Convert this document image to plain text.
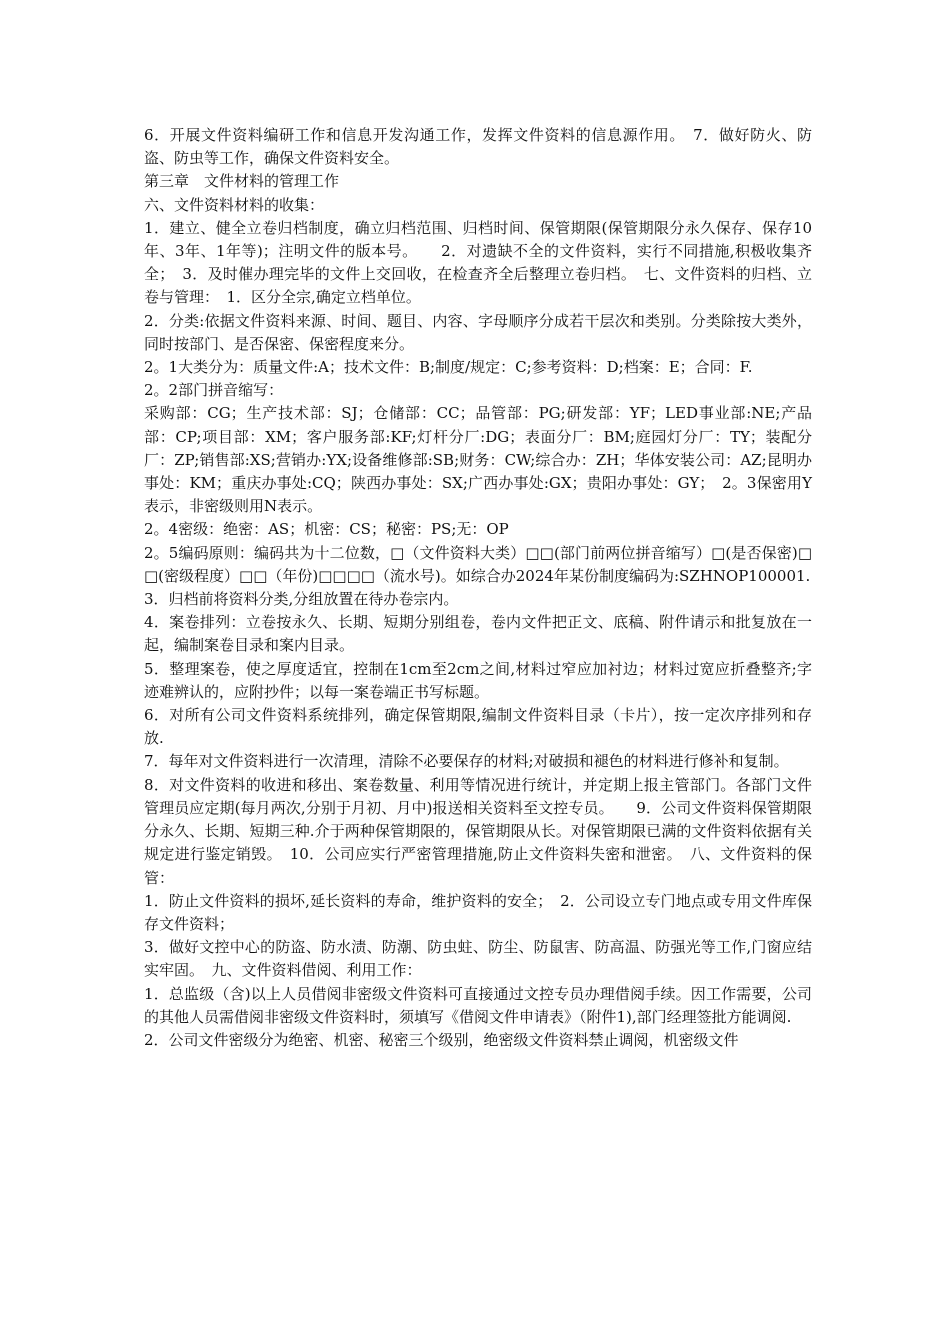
6．开展文件资料编研工作和信息开发沟通工作，发挥文件资料的信息源作用。　7．做好防火、防盗、防虫等工作，确保文件资料安全。

第三章　文件材料的管理工作

六、文件资料材料的收集：

1．建立、健全立卷归档制度，确立归档范围、归档时间、保管期限(保管期限分永久保存、保存10年、3年、1年等)；注明文件的版本号。　　2．对遗缺不全的文件资料，实行不同措施,积极收集齐全；　3．及时催办理完毕的文件上交回收，在检查齐全后整理立卷归档。　七、文件资料的归档、立卷与管理：　1．区分全宗,确定立档单位。

2．分类:依据文件资料来源、时间、题目、内容、字母顺序分成若干层次和类别。分类除按大类外，同时按部门、是否保密、保密程度来分。

2。1大类分为：质量文件:A；技术文件：B;制度/规定：C;参考资料：D;档案：E；合同：F.

2。2部门拼音缩写：

采购部：CG；生产技术部：SJ；仓储部：CC；品管部：PG;研发部：YF；LED事业部:NE;产品部：CP;项目部：XM；客户服务部:KF;灯杆分厂:DG；表面分厂：BM;庭园灯分厂：TY；装配分厂：ZP;销售部:XS;营销办:YX;设备维修部:SB;财务：CW;综合办：ZH；华体安装公司：AZ;昆明办事处：KM；重庆办事处:CQ；陕西办事处：SX;广西办事处:GX；贵阳办事处：GY；　2。3保密用Y表示，非密级则用N表示。

2。4密级：绝密：AS；机密：CS；秘密：PS;无：OP

2。5编码原则：编码共为十二位数，□（文件资料大类）□□(部门前两位拼音缩写）□(是否保密)□□(密级程度）□□（年份)□□□□（流水号)。如综合办2024年某份制度编码为:SZHNOP100001.

3．归档前将资料分类,分组放置在待办卷宗内。

4．案卷排列：立卷按永久、长期、短期分别组卷，卷内文件把正文、底稿、附件请示和批复放在一起，编制案卷目录和案内目录。

5．整理案卷，使之厚度适宜，控制在1cm至2cm之间,材料过窄应加衬边；材料过宽应折叠整齐;字迹难辨认的，应附抄件；以每一案卷端正书写标题。

6．对所有公司文件资料系统排列，确定保管期限,编制文件资料目录（卡片），按一定次序排列和存放.

7．每年对文件资料进行一次清理，清除不必要保存的材料;对破损和褪色的材料进行修补和复制。

8．对文件资料的收进和移出、案卷数量、利用等情况进行统计，并定期上报主管部门。各部门文件管理员应定期(每月两次,分别于月初、月中)报送相关资料至文控专员。　　9．公司文件资料保管期限分永久、长期、短期三种.介于两种保管期限的，保管期限从长。对保管期限已满的文件资料依据有关规定进行鉴定销毁。　10．公司应实行严密管理措施,防止文件资料失密和泄密。　八、文件资料的保管：

1．防止文件资料的损坏,延长资料的寿命，维护资料的安全；　2．公司设立专门地点或专用文件库保存文件资料；

3．做好文控中心的防盗、防水渍、防潮、防虫蛀、防尘、防鼠害、防高温、防强光等工作,门窗应结实牢固。　九、文件资料借阅、利用工作：

1．总监级（含)以上人员借阅非密级文件资料可直接通过文控专员办理借阅手续。因工作需要，公司的其他人员需借阅非密级文件资料时，须填写《借阅文件申请表》（附件1),部门经理签批方能调阅.

2．公司文件密级分为绝密、机密、秘密三个级别，绝密级文件资料禁止调阅，机密级文件
